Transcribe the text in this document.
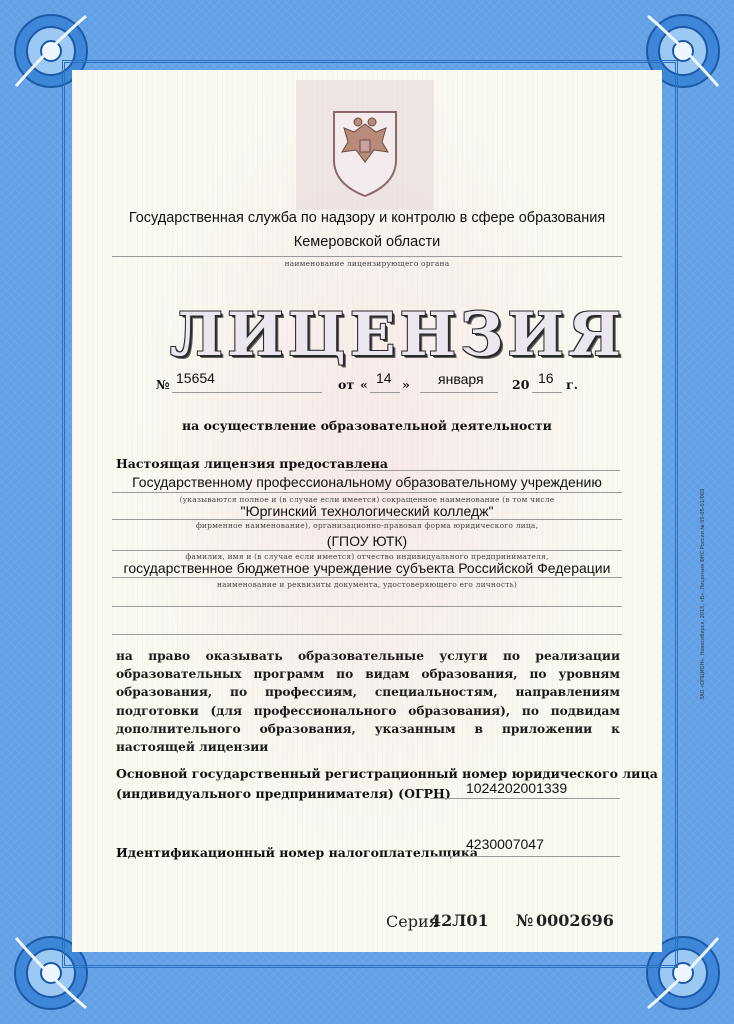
Государственная служба по надзору и контролю в сфере образования
Кемеровской области
наименование лицензирующего органа
ЛИЦЕНЗИЯ
№ 15654	от « 14 » января 20 16 г.
на осуществление образовательной деятельности
Настоящая лицензия предоставлена
Государственному профессиональному образовательному учреждению
(указываются полное и (в случае если имеется) сокращенное наименование (в том числе
"Юргинский технологический колледж"
фирменное наименование), организационно-правовая форма юридического лица,
(ГПОУ ЮТК)
фамилия, имя и (в случае если имеется) отчество индивидуального предпринимателя,
государственное бюджетное учреждение субъекта Российской Федерации
наименование и реквизиты документа, удостоверяющего его личность)
на право оказывать образовательные услуги по реализации образовательных программ по видам образования, по уровням образования, по профессиям, специальностям, направлениям подготовки (для профессионального образования), по подвидам дополнительного образования, указанным в приложении к настоящей лицензии
Основной государственный регистрационный номер юридического лица
(индивидуального предпринимателя) (ОГРН) 1024202001339
Идентификационный номер налогоплательщика
4230007047
Серия
42Л01 № 0002696
ЗАО «ОПЦИОН», Новосибирск, 2015, «Б», Лицензия ФНС России № 05-05-01/003
